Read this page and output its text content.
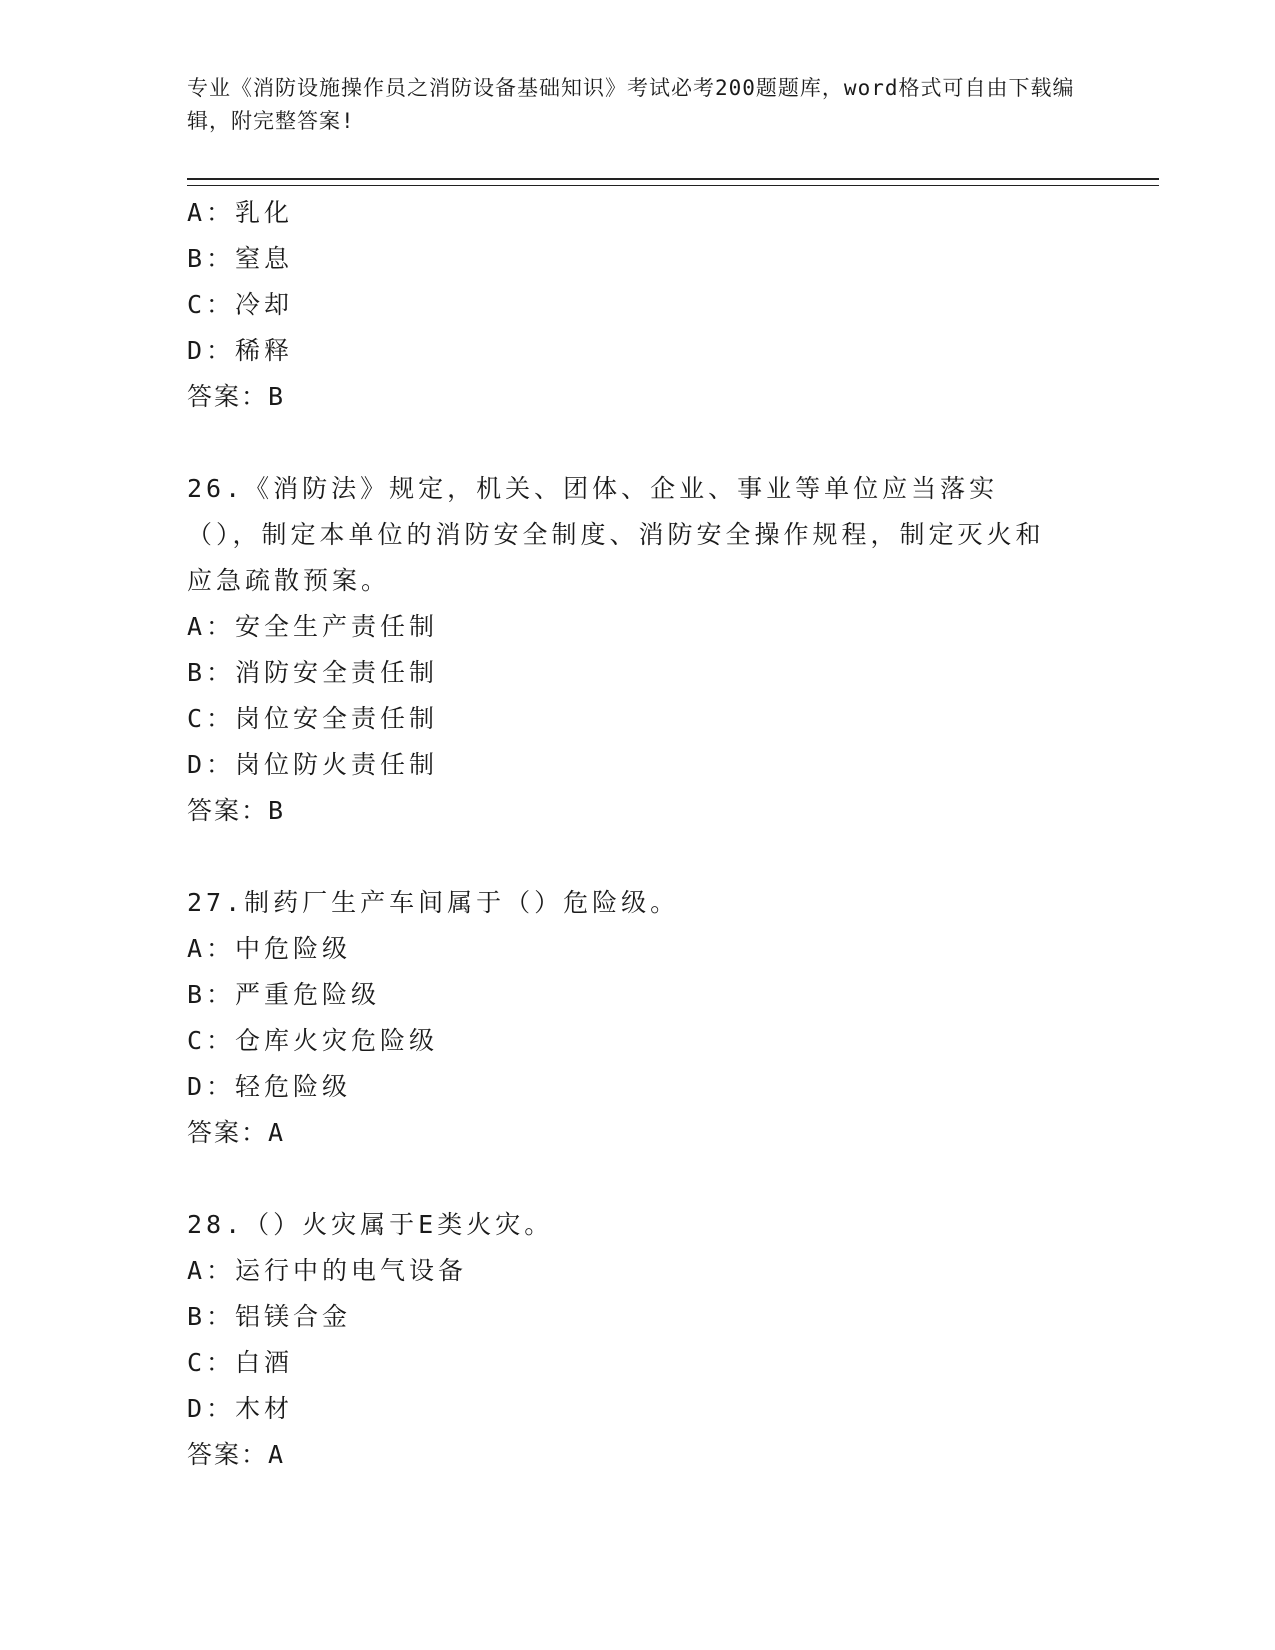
专业《消防设施操作员之消防设备基础知识》考试必考200题题库，word格式可自由下载编辑，附完整答案!
A：乳化
B：窒息
C：冷却
D：稀释
答案：B
26.《消防法》规定，机关、团体、企业、事业等单位应当落实（），制定本单位的消防安全制度、消防安全操作规程，制定灭火和应急疏散预案。
A：安全生产责任制
B：消防安全责任制
C：岗位安全责任制
D：岗位防火责任制
答案：B
27.制药厂生产车间属于（）危险级。
A：中危险级
B：严重危险级
C：仓库火灾危险级
D：轻危险级
答案：A
28.（）火灾属于E类火灾。
A：运行中的电气设备
B：铝镁合金
C：白酒
D：木材
答案：A
